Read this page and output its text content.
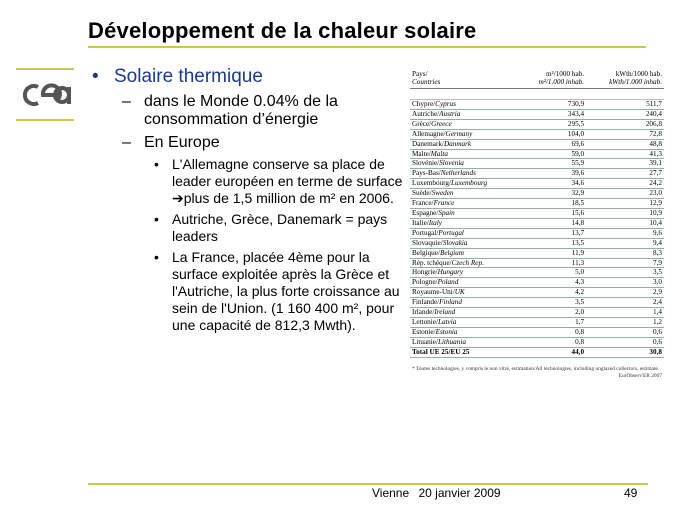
Développement de la chaleur solaire
• Solaire thermique
– dans le Monde 0.04% de la consommation d’énergie
– En Europe
• L'Allemagne conserve sa place de leader européen en terme de surface ➔plus de 1,5 million de m² en 2006.
• Autriche, Grèce, Danemark = pays leaders
• La France, placée 4ème pour la surface exploitée après la Grèce et l'Autriche, la plus forte croissance au sein de l'Union. (1 160 400 m², pour une capacité de 812,3 Mwth).
Pays/	m²/1000 hab.	kWth/1000 hab.
Countries	m²/1.000 inhab.	kWth/1.000 inhab.

Chypre/Cyprus	730,9	511,7
Autriche/Austria	343,4	240,4
Grèce/Greece	295,5	206,8
Allemagne/Germany	104,0	72,8
Danemark/Danmark	69,6	48,8
Malte/Malta	59,0	41,3
Slovénie/Slovenia	55,9	39,1
Pays-Bas/Netherlands	39,6	27,7
Luxembourg/Luxembourg	34,6	24,2
Suède/Sweden	32,9	23,0
France/France	18,5	12,9
Espagne/Spain	15,6	10,9
Italie/Italy	14,8	10,4
Portugal/Portugal	13,7	9,6
Slovaquie/Slovakia	13,5	9,4
Belgique/Belgium	11,9	8,3
Rép. tchèque/Czech Rep.	11,3	7,9
Hongrie/Hungary	5,0	3,5
Pologne/Poland	4,3	3,0
Royaume-Uni/UK	4,2	2,9
Finlande/Finland	3,5	2,4
Irlande/Ireland	2,0	1,4
Lettonie/Latvia	1,7	1,2
Estonie/Estonia	0,8	0,6
Lituanie/Lithuania	0,8	0,6
Total UE 25/EU 25	44,0	30,8
* Toutes technologies, y compris le non vitré, estimation/All technologies, including unglazed collectors, estimate.
EurObserv'ER 2007
Vienne 20 janvier 2009	49
